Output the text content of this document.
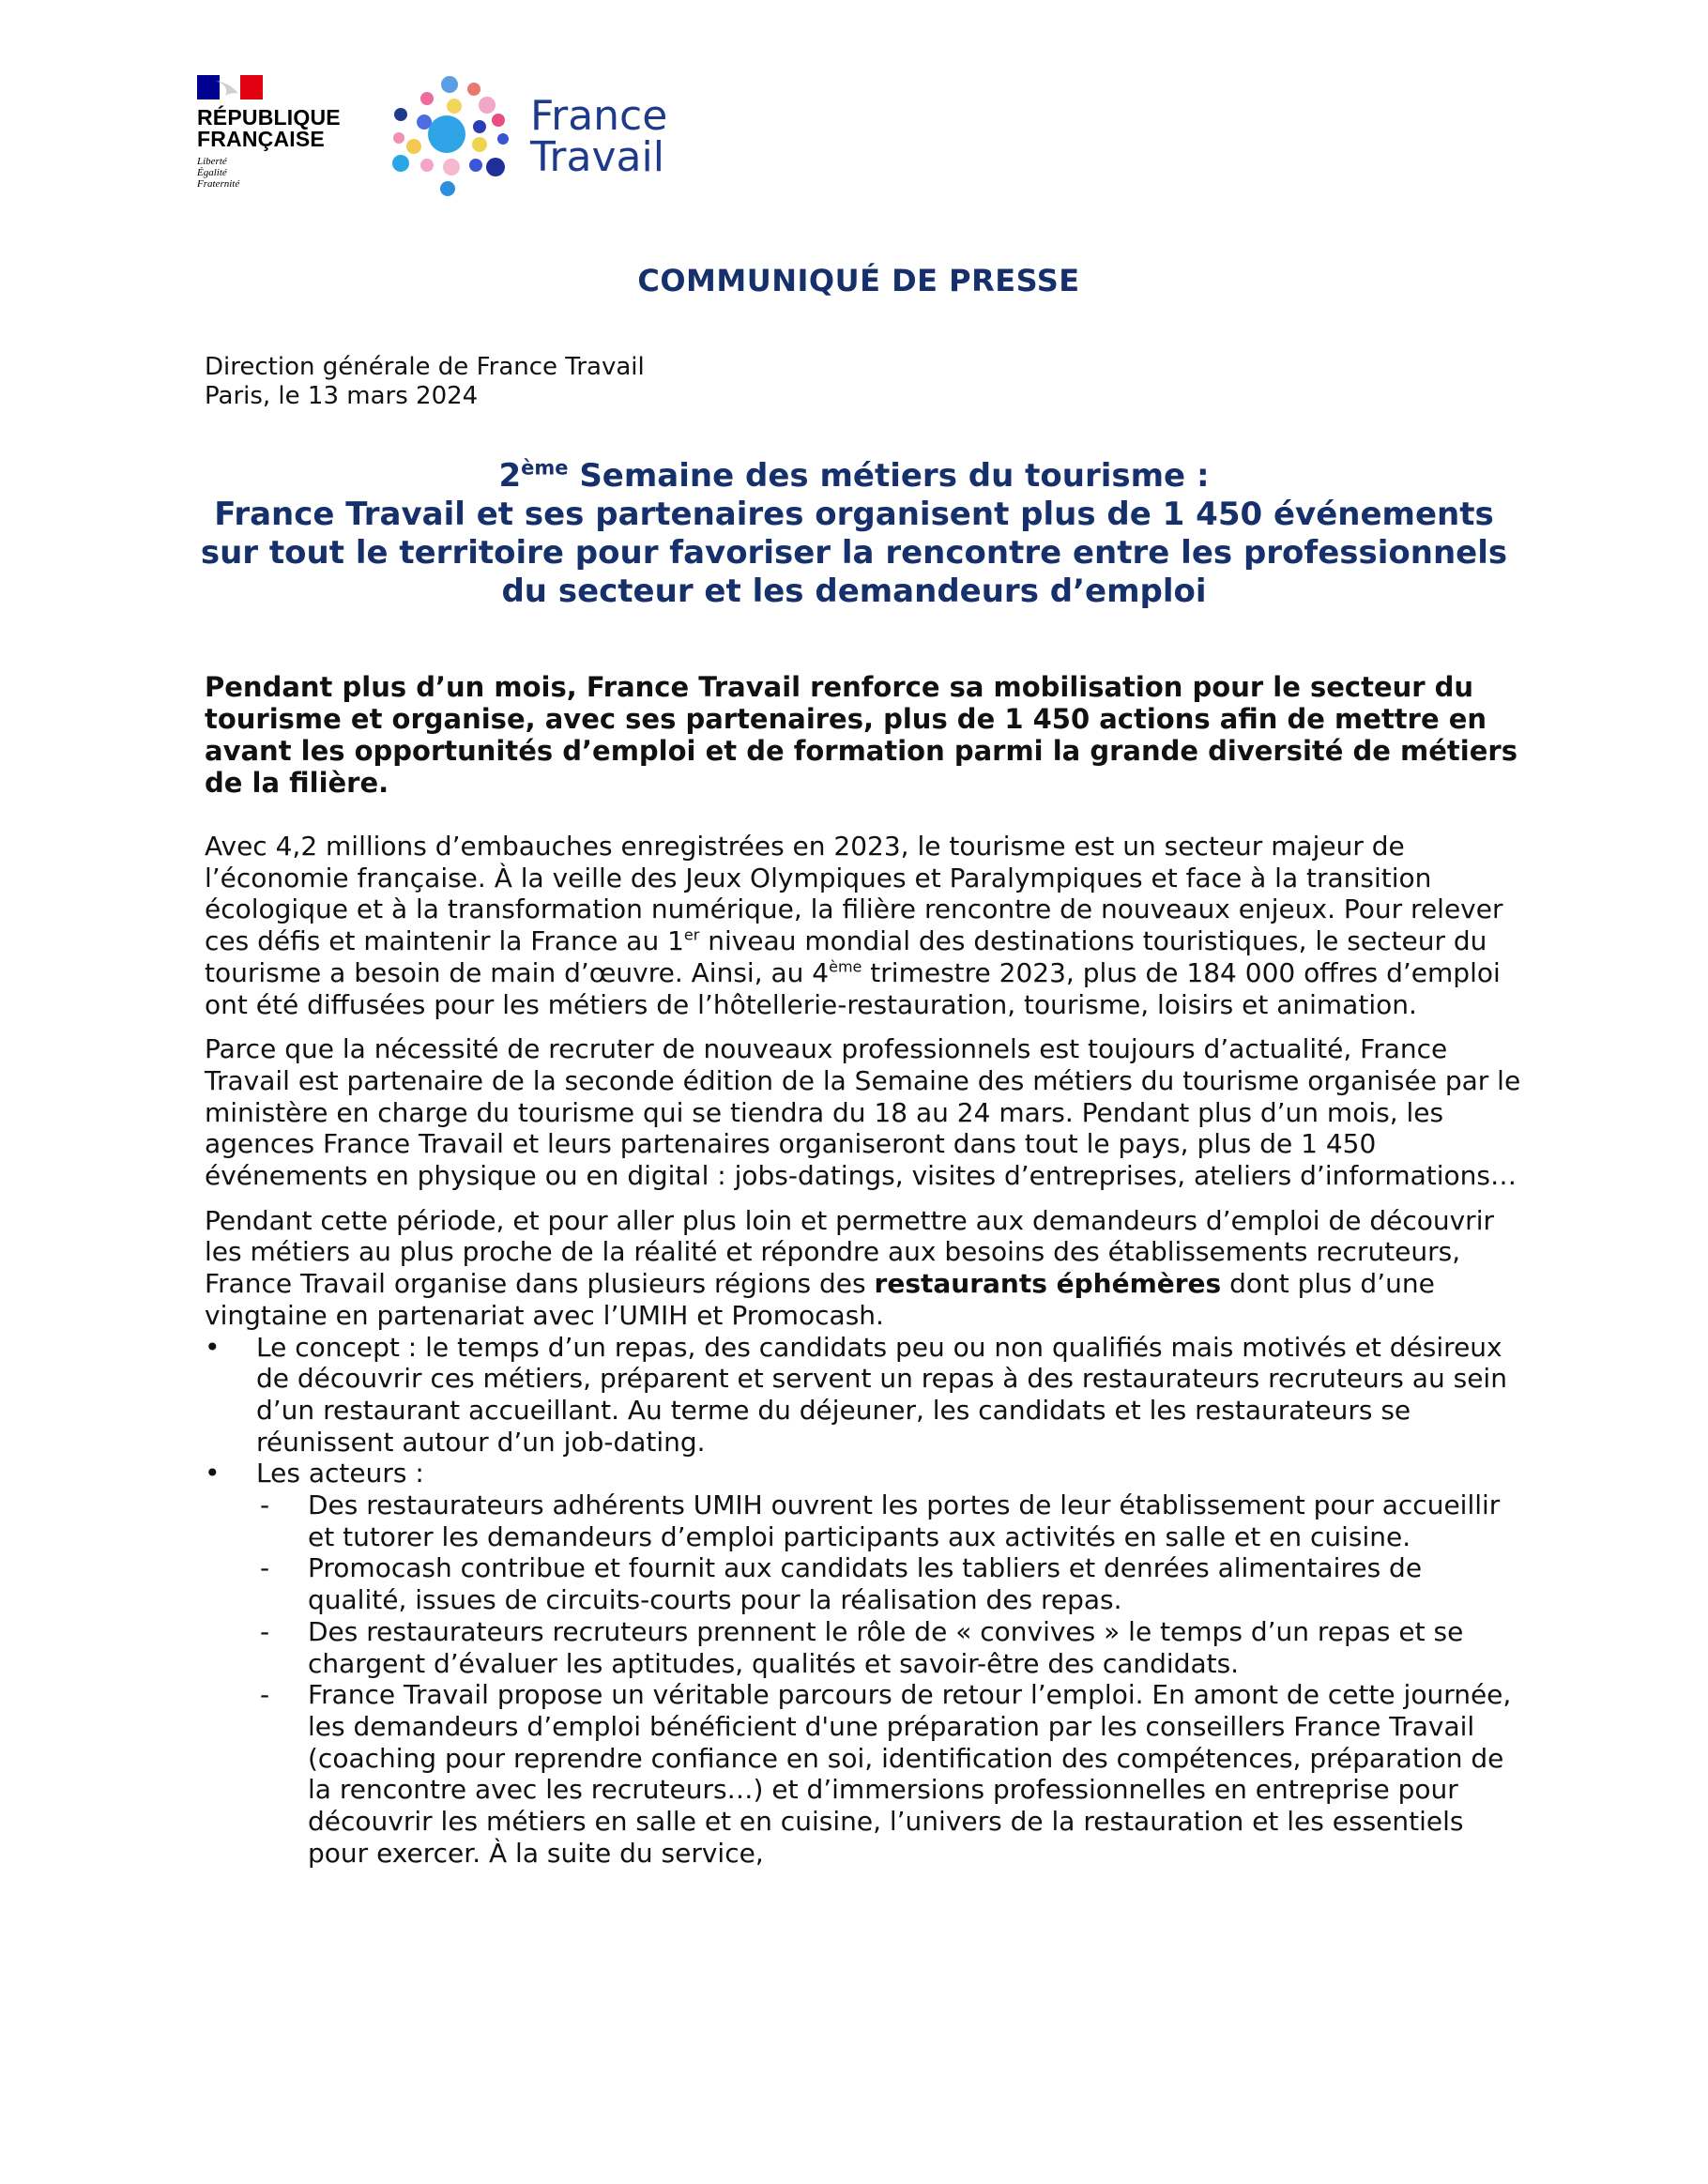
RÉPUBLIQUE
FRANÇAISE
Liberté
Égalité
Fraternité
France
Travail
COMMUNIQUÉ DE PRESSE
Direction générale de France Travail
Paris, le 13 mars 2024
2ème Semaine des métiers du tourisme :
France Travail et ses partenaires organisent plus de 1 450 événements sur tout le territoire pour favoriser la rencontre entre les professionnels du secteur et les demandeurs d’emploi
Pendant plus d’un mois, France Travail renforce sa mobilisation pour le secteur du tourisme et organise, avec ses partenaires, plus de 1 450 actions afin de mettre en avant les opportunités d’emploi et de formation parmi la grande diversité de métiers de la filière.

Avec 4,2 millions d’embauches enregistrées en 2023, le tourisme est un secteur majeur de l’économie française. À la veille des Jeux Olympiques et Paralympiques et face à la transition écologique et à la transformation numérique, la filière rencontre de nouveaux enjeux. Pour relever ces défis et maintenir la France au 1er niveau mondial des destinations touristiques, le secteur du tourisme a besoin de main d’œuvre. Ainsi, au 4ème trimestre 2023, plus de 184 000 offres d’emploi ont été diffusées pour les métiers de l’hôtellerie-restauration, tourisme, loisirs et animation.

Parce que la nécessité de recruter de nouveaux professionnels est toujours d’actualité, France Travail est partenaire de la seconde édition de la Semaine des métiers du tourisme organisée par le ministère en charge du tourisme qui se tiendra du 18 au 24 mars. Pendant plus d’un mois, les agences France Travail et leurs partenaires organiseront dans tout le pays, plus de 1 450 événements en physique ou en digital : jobs-datings, visites d’entreprises, ateliers d’informations…

Pendant cette période, et pour aller plus loin et permettre aux demandeurs d’emploi de découvrir les métiers au plus proche de la réalité et répondre aux besoins des établissements recruteurs, France Travail organise dans plusieurs régions des restaurants éphémères dont plus d’une vingtaine en partenariat avec l’UMIH et Promocash.

• Le concept : le temps d’un repas, des candidats peu ou non qualifiés mais motivés et désireux de découvrir ces métiers, préparent et servent un repas à des restaurateurs recruteurs au sein d’un restaurant accueillant. Au terme du déjeuner, les candidats et les restaurateurs se réunissent autour d’un job-dating.
• Les acteurs :
- Des restaurateurs adhérents UMIH ouvrent les portes de leur établissement pour accueillir et tutorer les demandeurs d’emploi participants aux activités en salle et en cuisine.
- Promocash contribue et fournit aux candidats les tabliers et denrées alimentaires de qualité, issues de circuits-courts pour la réalisation des repas.
- Des restaurateurs recruteurs prennent le rôle de « convives » le temps d’un repas et se chargent d’évaluer les aptitudes, qualités et savoir-être des candidats.
- France Travail propose un véritable parcours de retour l’emploi. En amont de cette journée, les demandeurs d’emploi bénéficient d'une préparation par les conseillers France Travail (coaching pour reprendre confiance en soi, identification des compétences, préparation de la rencontre avec les recruteurs…) et d’immersions professionnelles en entreprise pour découvrir les métiers en salle et en cuisine, l’univers de la restauration et les essentiels pour exercer. À la suite du service,
